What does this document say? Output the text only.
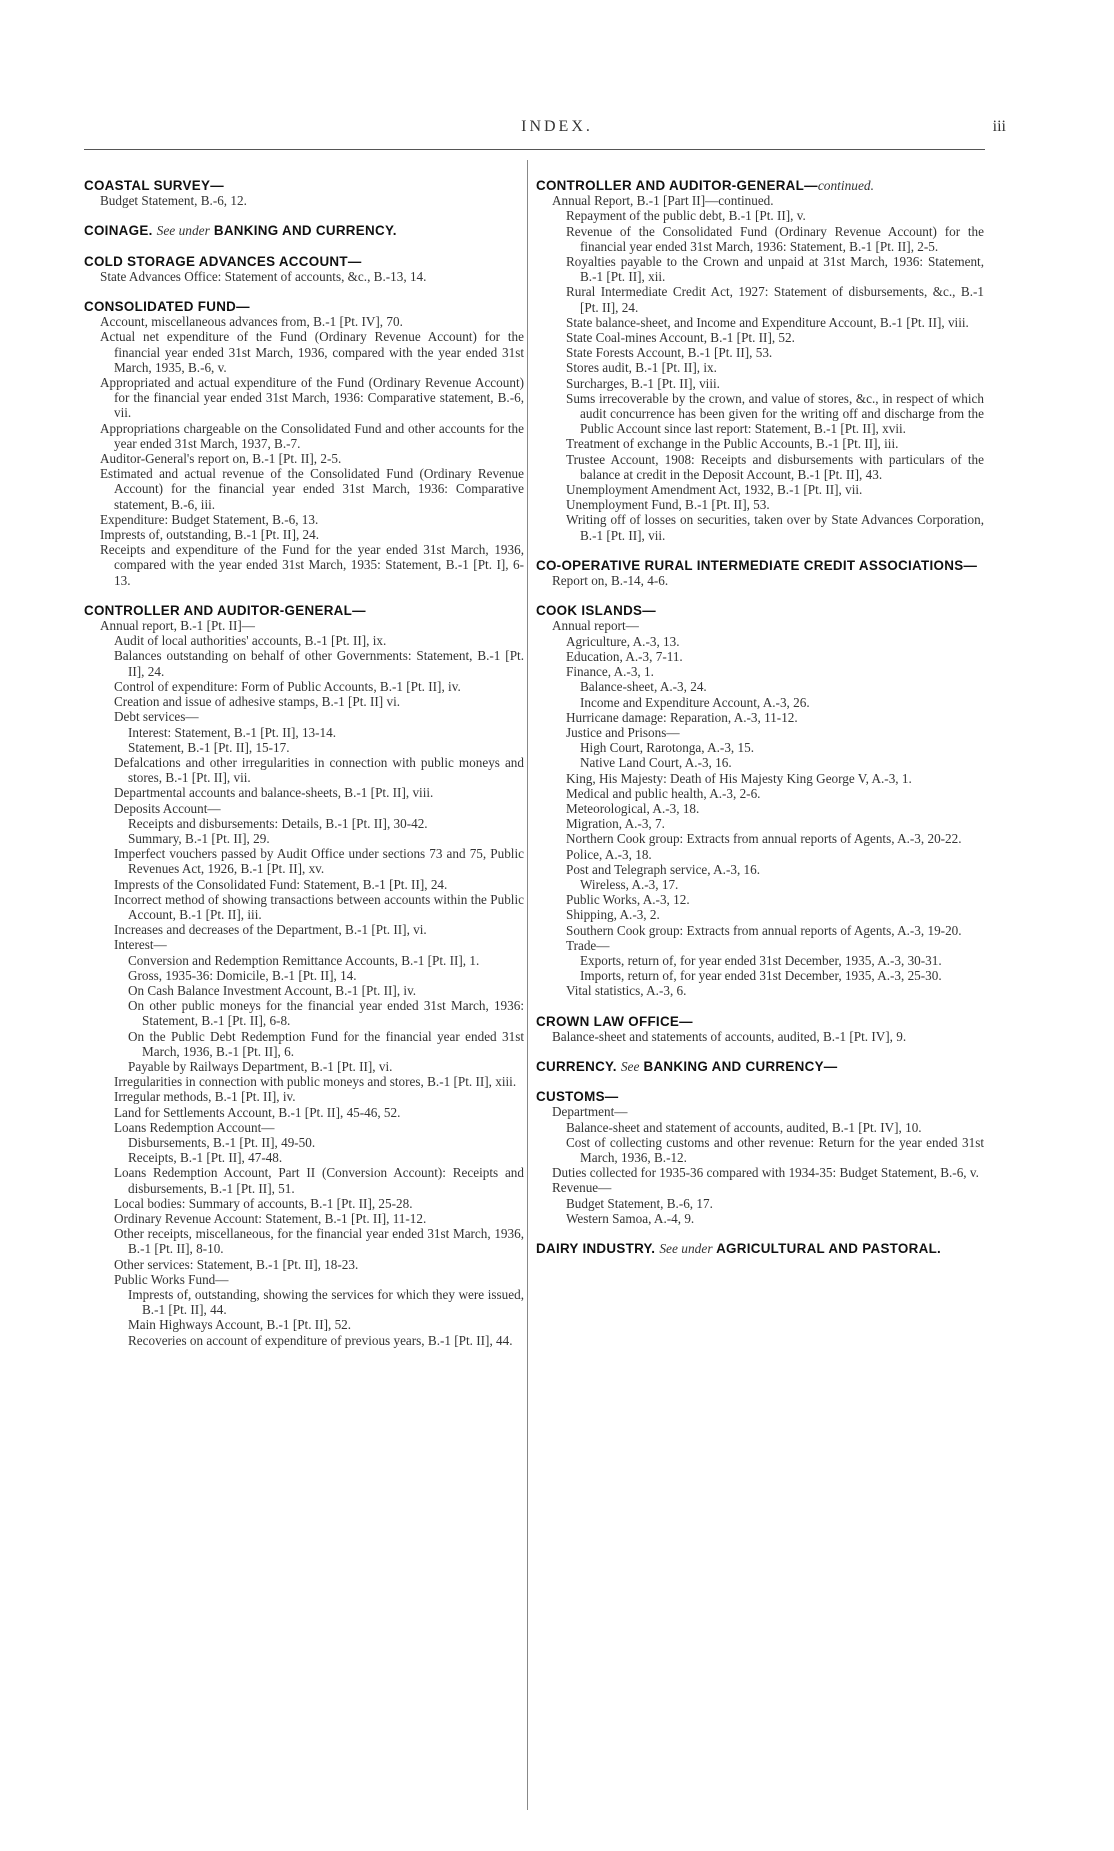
INDEX.	iii
COASTAL SURVEY—
Budget Statement, B.-6, 12.
COINAGE. See under BANKING AND CURRENCY.
COLD STORAGE ADVANCES ACCOUNT—
State Advances Office: Statement of accounts, &c., B.-13, 14.
CONSOLIDATED FUND—
Account, miscellaneous advances from, B.-1 [Pt. IV], 70.
Actual net expenditure of the Fund (Ordinary Revenue Account) for the financial year ended 31st March, 1936, compared with the year ended 31st March, 1935, B.-6, v.
Appropriated and actual expenditure of the Fund (Ordinary Revenue Account) for the financial year ended 31st March, 1936: Comparative statement, B.-6, vii.
Appropriations chargeable on the Consolidated Fund and other accounts for the year ended 31st March, 1937, B.-7.
Auditor-General's report on, B.-1 [Pt. II], 2-5.
Estimated and actual revenue of the Consolidated Fund (Ordinary Revenue Account) for the financial year ended 31st March, 1936: Comparative statement, B.-6, iii.
Expenditure: Budget Statement, B.-6, 13.
Imprests of, outstanding, B.-1 [Pt. II], 24.
Receipts and expenditure of the Fund for the year ended 31st March, 1936, compared with the year ended 31st March, 1935: Statement, B.-1 [Pt. I], 6-13.
CONTROLLER AND AUDITOR-GENERAL—
Annual report, B.-1 [Pt. II]—
Audit of local authorities' accounts, B.-1 [Pt. II], ix.
Balances outstanding on behalf of other Governments: Statement, B.-1 [Pt. II], 24.
Control of expenditure: Form of Public Accounts, B.-1 [Pt. II], iv.
Creation and issue of adhesive stamps, B.-1 [Pt. II] vi.
Debt services—
Interest: Statement, B.-1 [Pt. II], 13-14.
Statement, B.-1 [Pt. II], 15-17.
Defalcations and other irregularities in connection with public moneys and stores, B.-1 [Pt. II], vii.
Departmental accounts and balance-sheets, B.-1 [Pt. II], viii.
Deposits Account—
Receipts and disbursements: Details, B.-1 [Pt. II], 30-42.
Summary, B.-1 [Pt. II], 29.
Imperfect vouchers passed by Audit Office under sections 73 and 75, Public Revenues Act, 1926, B.-1 [Pt. II], xv.
Imprests of the Consolidated Fund: Statement, B.-1 [Pt. II], 24.
Incorrect method of showing transactions between accounts within the Public Account, B.-1 [Pt. II], iii.
Increases and decreases of the Department, B.-1 [Pt. II], vi.
Interest—
Conversion and Redemption Remittance Accounts, B.-1 [Pt. II], 1.
Gross, 1935-36: Domicile, B.-1 [Pt. II], 14.
On Cash Balance Investment Account, B.-1 [Pt. II], iv.
On other public moneys for the financial year ended 31st March, 1936: Statement, B.-1 [Pt. II], 6-8.
On the Public Debt Redemption Fund for the financial year ended 31st March, 1936, B.-1 [Pt. II], 6.
Payable by Railways Department, B.-1 [Pt. II], vi.
Irregularities in connection with public moneys and stores, B.-1 [Pt. II], xiii.
Irregular methods, B.-1 [Pt. II], iv.
Land for Settlements Account, B.-1 [Pt. II], 45-46, 52.
Loans Redemption Account—
Disbursements, B.-1 [Pt. II], 49-50.
Receipts, B.-1 [Pt. II], 47-48.
Loans Redemption Account, Part II (Conversion Account): Receipts and disbursements, B.-1 [Pt. II], 51.
Local bodies: Summary of accounts, B.-1 [Pt. II], 25-28.
Ordinary Revenue Account: Statement, B.-1 [Pt. II], 11-12.
Other receipts, miscellaneous, for the financial year ended 31st March, 1936, B.-1 [Pt. II], 8-10.
Other services: Statement, B.-1 [Pt. II], 18-23.
Public Works Fund—
Imprests of, outstanding, showing the services for which they were issued, B.-1 [Pt. II], 44.
Main Highways Account, B.-1 [Pt. II], 52.
Recoveries on account of expenditure of previous years, B.-1 [Pt. II], 44.
CONTROLLER AND AUDITOR-GENERAL—continued.
Annual Report, B.-1 [Part II]—continued.
Repayment of the public debt, B.-1 [Pt. II], v.
Revenue of the Consolidated Fund (Ordinary Revenue Account) for the financial year ended 31st March, 1936: Statement, B.-1 [Pt. II], 2-5.
Royalties payable to the Crown and unpaid at 31st March, 1936: Statement, B.-1 [Pt. II], xii.
Rural Intermediate Credit Act, 1927: Statement of disbursements, &c., B.-1 [Pt. II], 24.
State balance-sheet, and Income and Expenditure Account, B.-1 [Pt. II], viii.
State Coal-mines Account, B.-1 [Pt. II], 52.
State Forests Account, B.-1 [Pt. II], 53.
Stores audit, B.-1 [Pt. II], ix.
Surcharges, B.-1 [Pt. II], viii.
Sums irrecoverable by the crown, and value of stores, &c., in respect of which audit concurrence has been given for the writing off and discharge from the Public Account since last report: Statement, B.-1 [Pt. II], xvii.
Treatment of exchange in the Public Accounts, B.-1 [Pt. II], iii.
Trustee Account, 1908: Receipts and disbursements with particulars of the balance at credit in the Deposit Account, B.-1 [Pt. II], 43.
Unemployment Amendment Act, 1932, B.-1 [Pt. II], vii.
Unemployment Fund, B.-1 [Pt. II], 53.
Writing off of losses on securities, taken over by State Advances Corporation, B.-1 [Pt. II], vii.
CO-OPERATIVE RURAL INTERMEDIATE CREDIT ASSOCIATIONS—
Report on, B.-14, 4-6.
COOK ISLANDS—
Annual report—
Agriculture, A.-3, 13.
Education, A.-3, 7-11.
Finance, A.-3, 1.
Balance-sheet, A.-3, 24.
Income and Expenditure Account, A.-3, 26.
Hurricane damage: Reparation, A.-3, 11-12.
Justice and Prisons—
High Court, Rarotonga, A.-3, 15.
Native Land Court, A.-3, 16.
King, His Majesty: Death of His Majesty King George V, A.-3, 1.
Medical and public health, A.-3, 2-6.
Meteorological, A.-3, 18.
Migration, A.-3, 7.
Northern Cook group: Extracts from annual reports of Agents, A.-3, 20-22.
Police, A.-3, 18.
Post and Telegraph service, A.-3, 16.
Wireless, A.-3, 17.
Public Works, A.-3, 12.
Shipping, A.-3, 2.
Southern Cook group: Extracts from annual reports of Agents, A.-3, 19-20.
Trade—
Exports, return of, for year ended 31st December, 1935, A.-3, 30-31.
Imports, return of, for year ended 31st December, 1935, A.-3, 25-30.
Vital statistics, A.-3, 6.
CROWN LAW OFFICE—
Balance-sheet and statements of accounts, audited, B.-1 [Pt. IV], 9.
CURRENCY. See BANKING AND CURRENCY—
CUSTOMS—
Department—
Balance-sheet and statement of accounts, audited, B.-1 [Pt. IV], 10.
Cost of collecting customs and other revenue: Return for the year ended 31st March, 1936, B.-12.
Duties collected for 1935-36 compared with 1934-35: Budget Statement, B.-6, v.
Revenue—
Budget Statement, B.-6, 17.
Western Samoa, A.-4, 9.
DAIRY INDUSTRY. See under AGRICULTURAL AND PASTORAL.
